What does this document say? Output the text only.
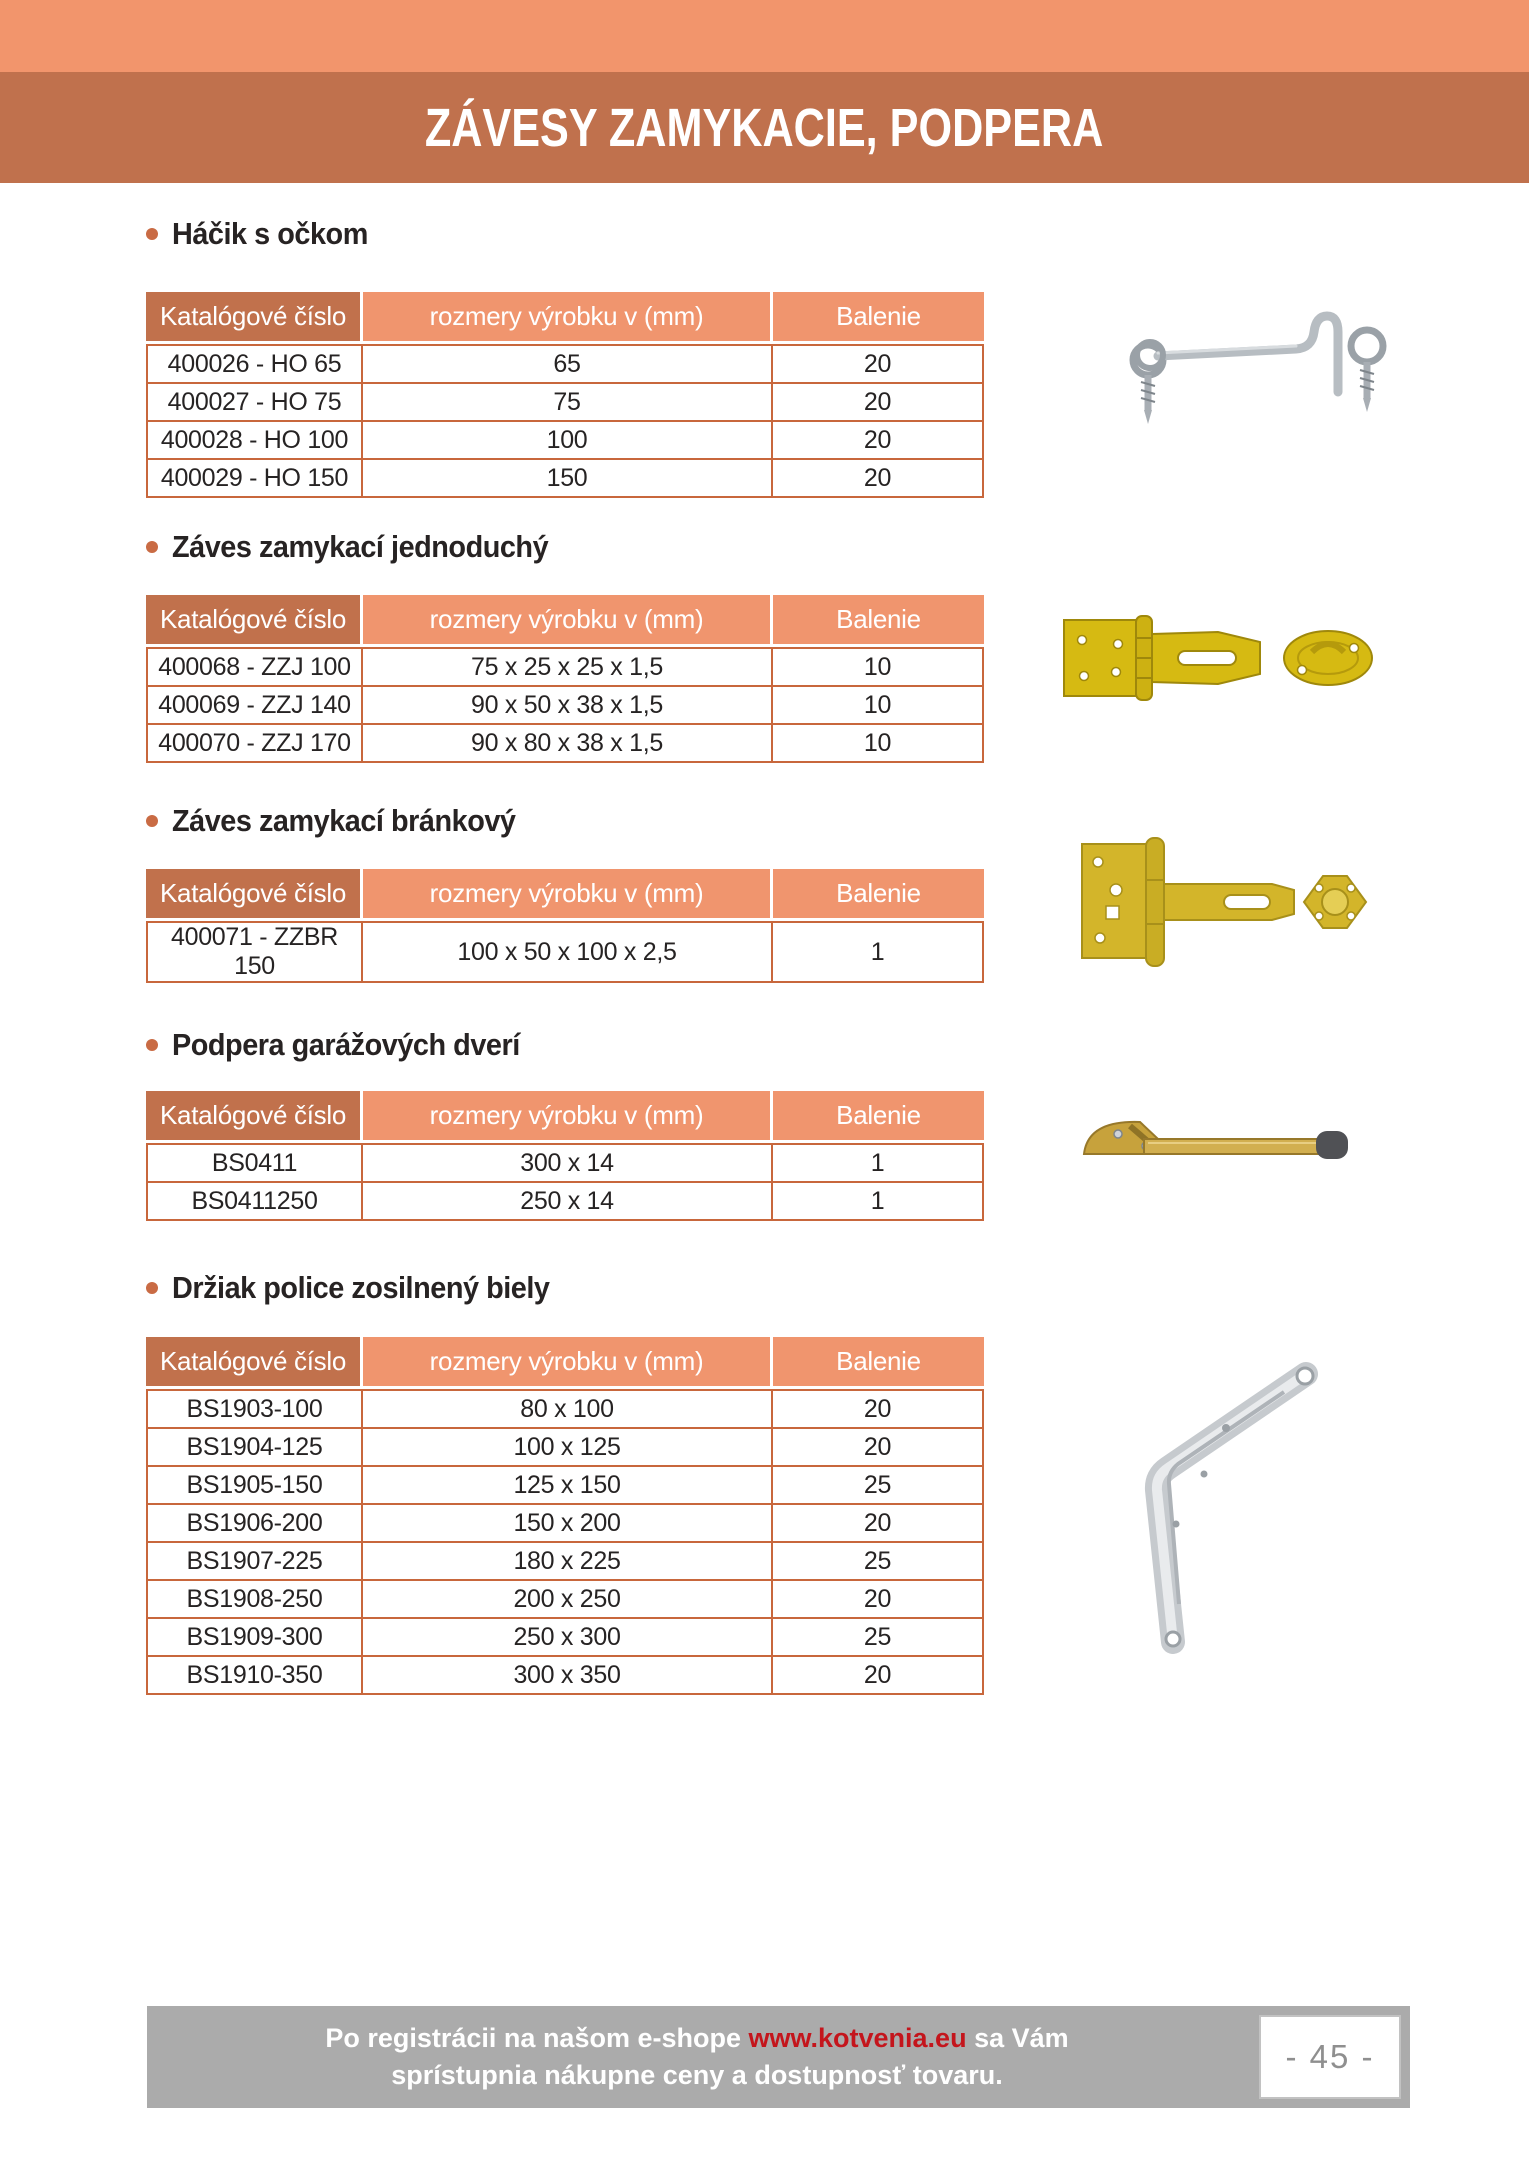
ZÁVESY ZAMYKACIE, PODPERA
Háčik s očkom
Katalógové číslo	rozmery výrobku v (mm)	Balenie
400026 - HO 65	65	20
400027 - HO 75	75	20
400028 - HO 100	100	20
400029 - HO 150	150	20
Záves zamykací jednoduchý
Katalógové číslo	rozmery výrobku v (mm)	Balenie
400068 - ZZJ 100	75 x 25 x 25 x 1,5	10
400069 - ZZJ 140	90 x 50 x 38 x 1,5	10
400070 - ZZJ 170	90 x 80 x 38 x 1,5	10
Záves zamykací bránkový
Katalógové číslo	rozmery výrobku v (mm)	Balenie
400071 - ZZBR 150	100 x 50 x 100 x 2,5	1
Podpera garážových dverí
Katalógové číslo	rozmery výrobku v (mm)	Balenie
BS0411	300 x 14	1
BS0411250	250 x 14	1
Držiak police zosilnený biely
Katalógové číslo	rozmery výrobku v (mm)	Balenie
BS1903-100	80 x 100	20
BS1904-125	100 x 125	20
BS1905-150	125 x 150	25
BS1906-200	150 x 200	20
BS1907-225	180 x 225	25
BS1908-250	200 x 250	20
BS1909-300	250 x 300	25
BS1910-350	300 x 350	20
Po registrácii na našom e-shope www.kotvenia.eu sa Vám
sprístupnia nákupne ceny a dostupnosť tovaru.	- 45 -
